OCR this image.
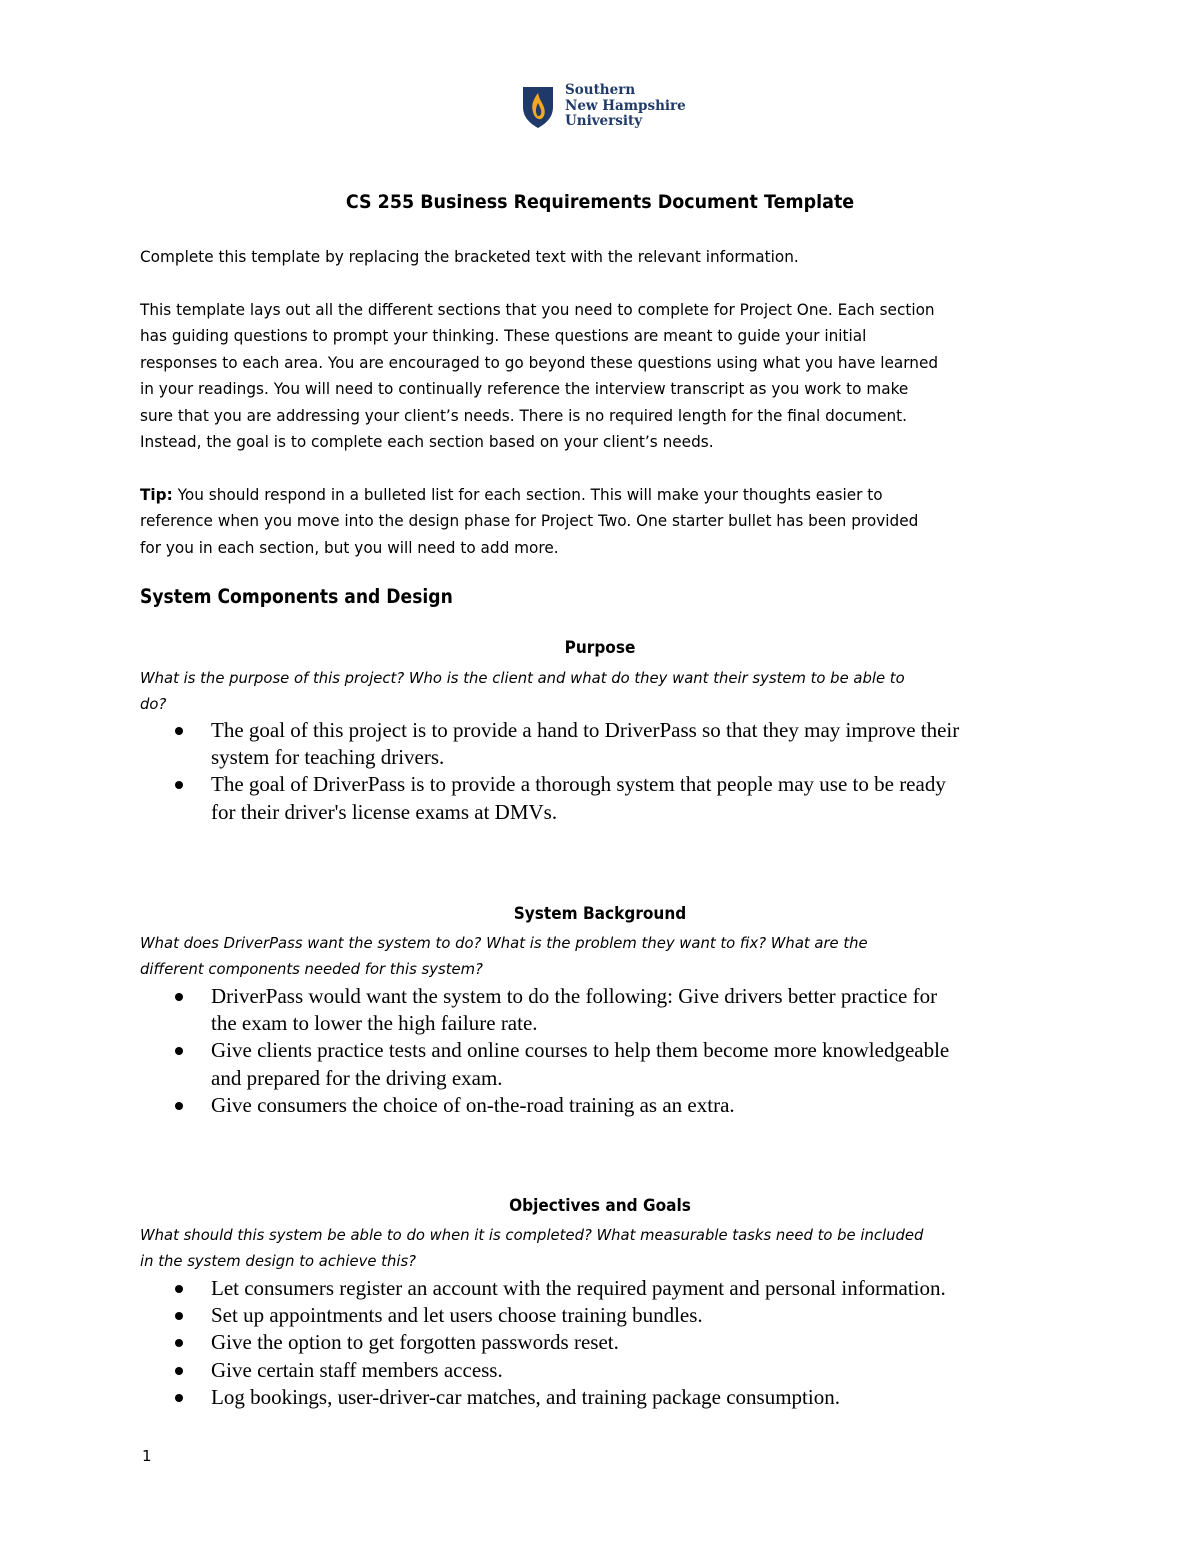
Southern
New Hampshire
University
CS 255 Business Requirements Document Template
Complete this template by replacing the bracketed text with the relevant information.
This template lays out all the different sections that you need to complete for Project One. Each section
has guiding questions to prompt your thinking. These questions are meant to guide your initial
responses to each area. You are encouraged to go beyond these questions using what you have learned
in your readings. You will need to continually reference the interview transcript as you work to make
sure that you are addressing your client’s needs. There is no required length for the final document.
Instead, the goal is to complete each section based on your client’s needs.
Tip: You should respond in a bulleted list for each section. This will make your thoughts easier to
reference when you move into the design phase for Project Two. One starter bullet has been provided
for you in each section, but you will need to add more.
System Components and Design
Purpose
What is the purpose of this project? Who is the client and what do they want their system to be able to
do?
The goal of this project is to provide a hand to DriverPass so that they may improve their
system for teaching drivers.
The goal of DriverPass is to provide a thorough system that people may use to be ready
for their driver's license exams at DMVs.
System Background
What does DriverPass want the system to do? What is the problem they want to fix? What are the
different components needed for this system?
DriverPass would want the system to do the following: Give drivers better practice for
the exam to lower the high failure rate.
Give clients practice tests and online courses to help them become more knowledgeable
and prepared for the driving exam.
Give consumers the choice of on-the-road training as an extra.
Objectives and Goals
What should this system be able to do when it is completed? What measurable tasks need to be included
in the system design to achieve this?
Let consumers register an account with the required payment and personal information.
Set up appointments and let users choose training bundles.
Give the option to get forgotten passwords reset.
Give certain staff members access.
Log bookings, user-driver-car matches, and training package consumption.
1
